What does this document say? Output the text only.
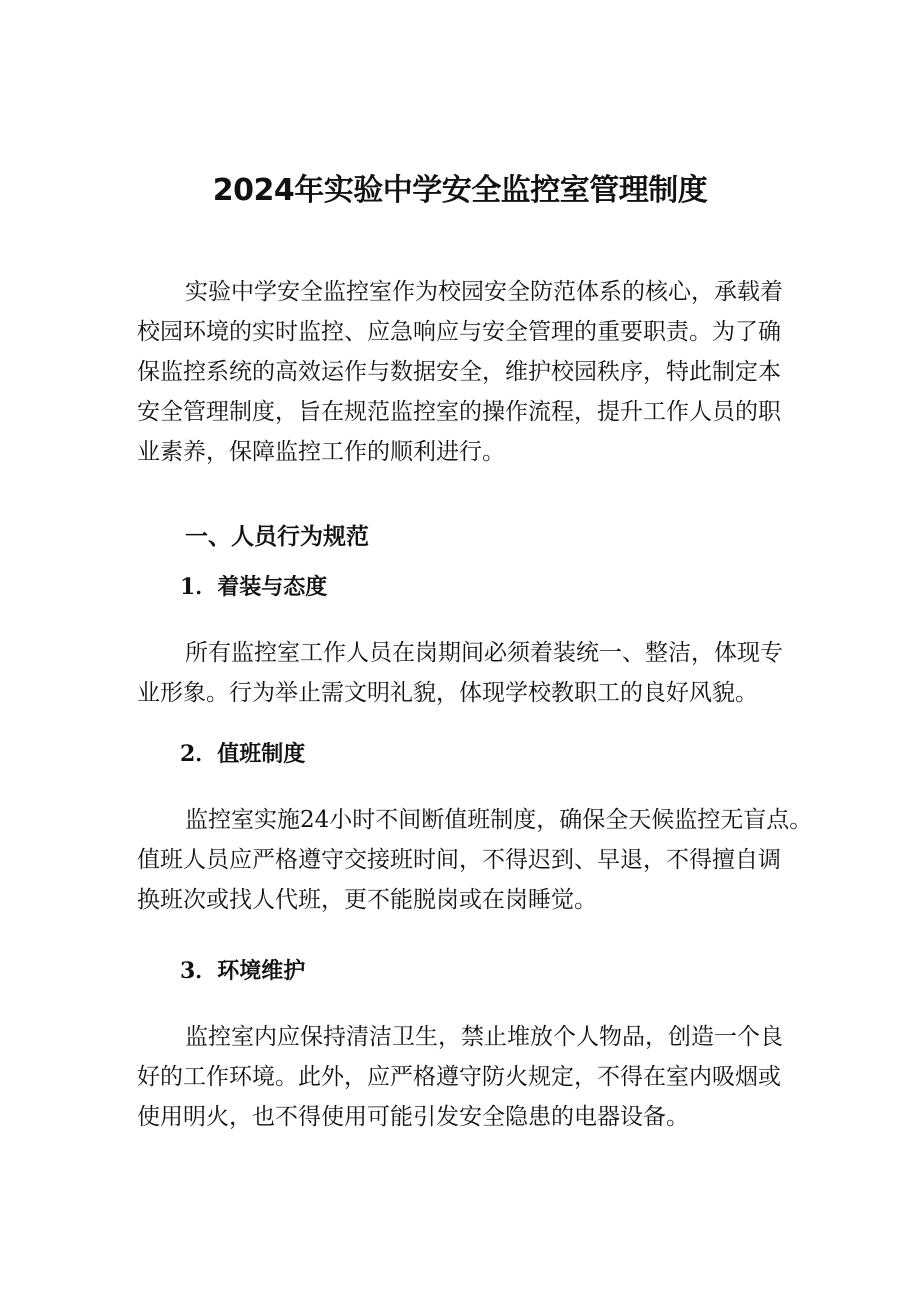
2024年实验中学安全监控室管理制度
实验中学安全监控室作为校园安全防范体系的核心，承载着
校园环境的实时监控、应急响应与安全管理的重要职责。为了确
保监控系统的高效运作与数据安全，维护校园秩序，特此制定本
安全管理制度，旨在规范监控室的操作流程，提升工作人员的职
业素养，保障监控工作的顺利进行。
一、人员行为规范
1．着装与态度
所有监控室工作人员在岗期间必须着装统一、整洁，体现专
业形象。行为举止需文明礼貌，体现学校教职工的良好风貌。
2．值班制度
监控室实施24小时不间断值班制度，确保全天候监控无盲点。
值班人员应严格遵守交接班时间，不得迟到、早退，不得擅自调
换班次或找人代班，更不能脱岗或在岗睡觉。
3．环境维护
监控室内应保持清洁卫生，禁止堆放个人物品，创造一个良
好的工作环境。此外，应严格遵守防火规定，不得在室内吸烟或
使用明火，也不得使用可能引发安全隐患的电器设备。
